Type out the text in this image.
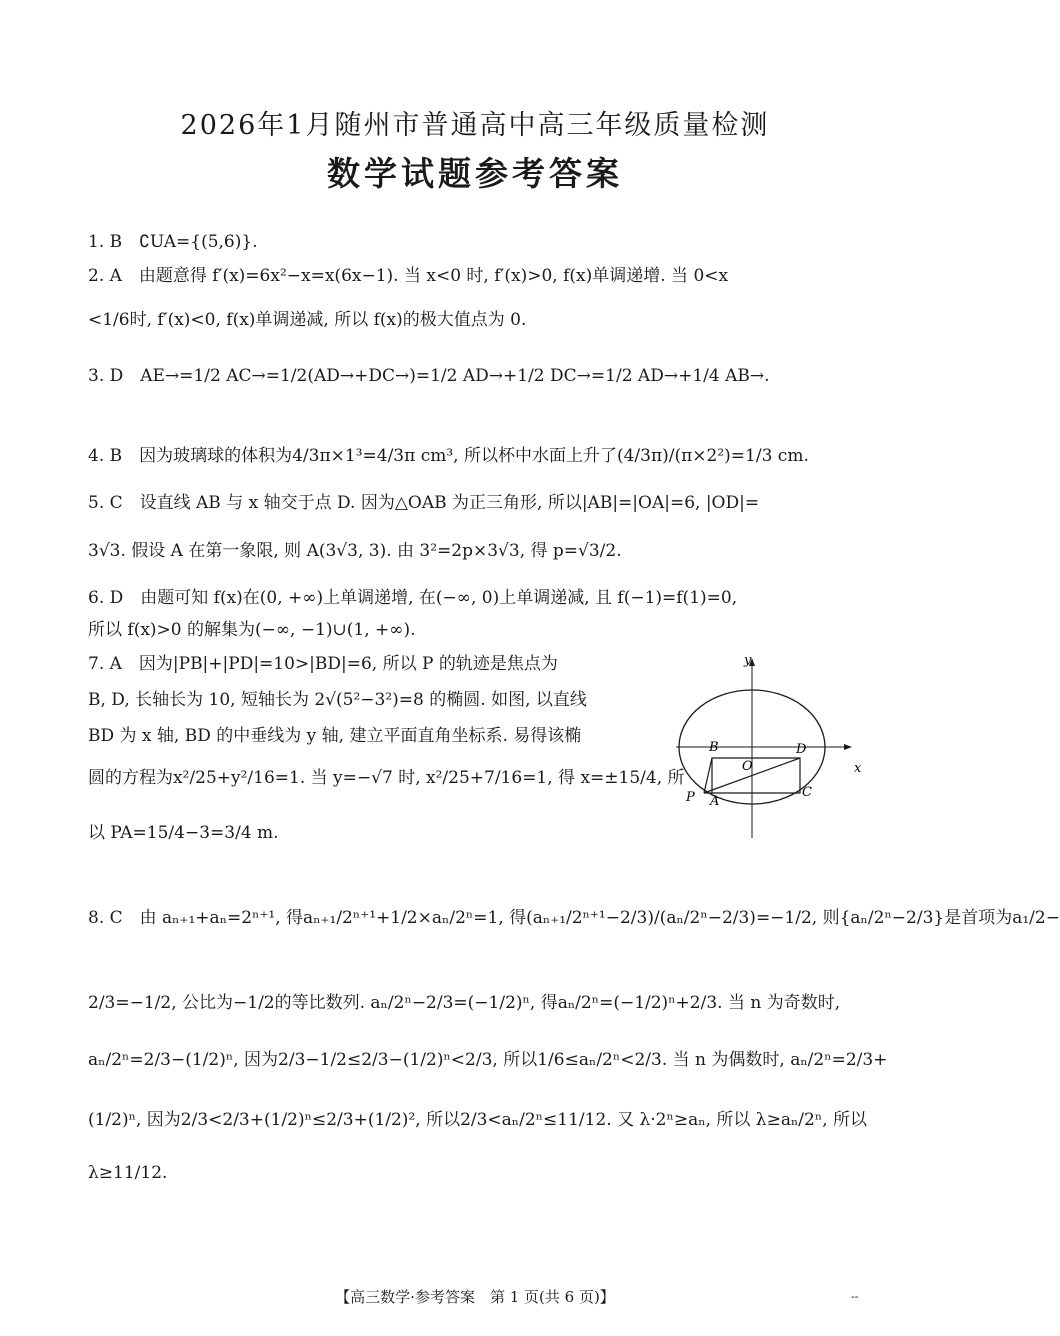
2026年1月随州市普通高中高三年级质量检测
数学试题参考答案
1. B　∁UA={(5,6)}.
2. A　由题意得 f′(x)=6x²−x=x(6x−1). 当 x<0 时, f′(x)>0, f(x)单调递增. 当 0<x
<1/6时, f′(x)<0, f(x)单调递减, 所以 f(x)的极大值点为 0.
3. D　AE→=1/2 AC→=1/2(AD→+DC→)=1/2 AD→+1/2 DC→=1/2 AD→+1/4 AB→.
4. B　因为玻璃球的体积为4/3π×1³=4/3π cm³, 所以杯中水面上升了(4/3π)/(π×2²)=1/3 cm.
5. C　设直线 AB 与 x 轴交于点 D. 因为△OAB 为正三角形, 所以|AB|=|OA|=6, |OD|=
3√3. 假设 A 在第一象限, 则 A(3√3, 3). 由 3²=2p×3√3, 得 p=√3/2.
6. D　由题可知 f(x)在(0, +∞)上单调递增, 在(−∞, 0)上单调递减, 且 f(−1)=f(1)=0,
所以 f(x)>0 的解集为(−∞, −1)∪(1, +∞).
7. A　因为|PB|+|PD|=10>|BD|=6, 所以 P 的轨迹是焦点为
B, D, 长轴长为 10, 短轴长为 2√(5²−3²)=8 的椭圆. 如图, 以直线
BD 为 x 轴, BD 的中垂线为 y 轴, 建立平面直角坐标系. 易得该椭
圆的方程为x²/25+y²/16=1. 当 y=−√7 时, x²/25+7/16=1, 得 x=±15/4, 所
以 PA=15/4−3=3/4 m.
8. C　由 aₙ₊₁+aₙ=2ⁿ⁺¹, 得aₙ₊₁/2ⁿ⁺¹+1/2×aₙ/2ⁿ=1, 得(aₙ₊₁/2ⁿ⁺¹−2/3)/(aₙ/2ⁿ−2/3)=−1/2, 则{aₙ/2ⁿ−2/3}是首项为a₁/2−
2/3=−1/2, 公比为−1/2的等比数列. aₙ/2ⁿ−2/3=(−1/2)ⁿ, 得aₙ/2ⁿ=(−1/2)ⁿ+2/3. 当 n 为奇数时,
aₙ/2ⁿ=2/3−(1/2)ⁿ, 因为2/3−1/2≤2/3−(1/2)ⁿ<2/3, 所以1/6≤aₙ/2ⁿ<2/3. 当 n 为偶数时, aₙ/2ⁿ=2/3+
(1/2)ⁿ, 因为2/3<2/3+(1/2)ⁿ≤2/3+(1/2)², 所以2/3<aₙ/2ⁿ≤11/12. 又 λ·2ⁿ≥aₙ, 所以 λ≥aₙ/2ⁿ, 所以
λ≥11/12.
y
x
B	D
O
P A
C
【高三数学·参考答案　第 1 页(共 6 页)】	--
